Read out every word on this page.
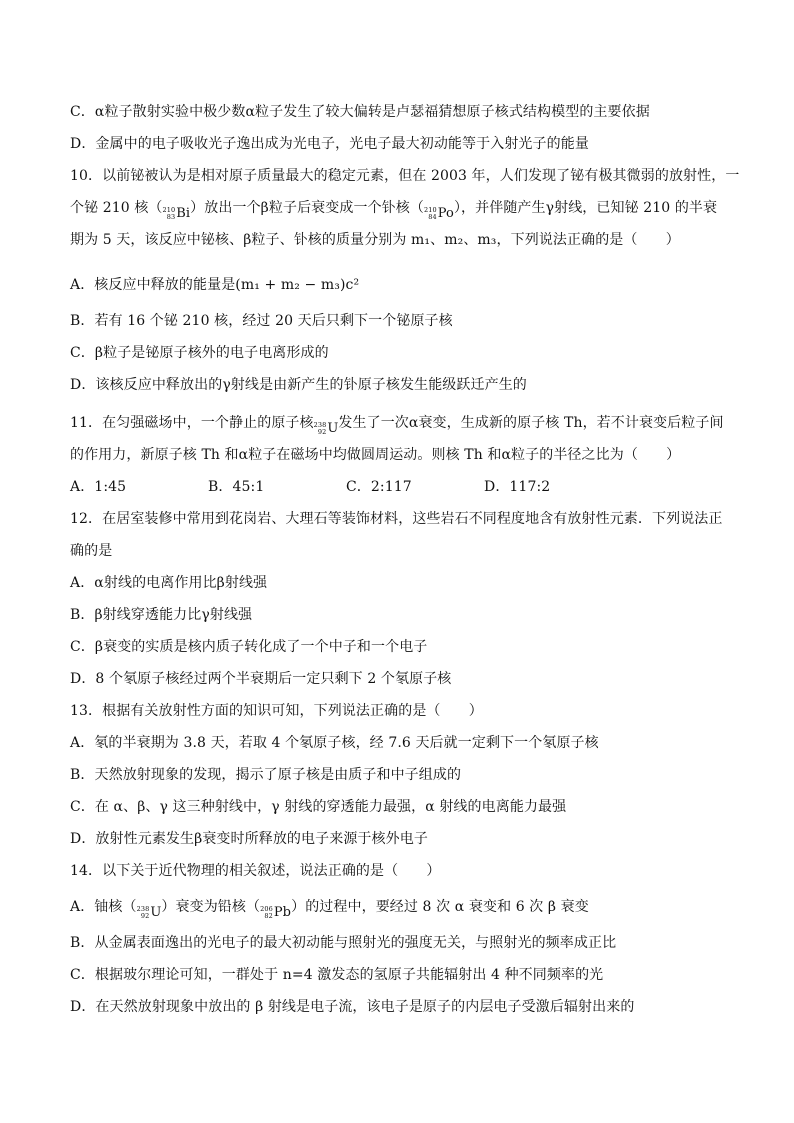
C．α粒子散射实验中极少数α粒子发生了较大偏转是卢瑟福猜想原子核式结构模型的主要依据
D．金属中的电子吸收光子逸出成为光电子，光电子最大初动能等于入射光子的能量
10．以前铋被认为是相对原子质量最大的稳定元素，但在 2003 年，人们发现了铋有极其微弱的放射性，一
个铋 210 核（ 210
83 Bi ）放出一个β粒子后衰变成一个钋核（ 210
84 Po ），并伴随产生γ射线，已知铋 210 的半衰
期为 5 天，该反应中铋核、β粒子、钋核的质量分别为 m₁、m₂、m₃，下列说法正确的是（　　）
A．核反应中释放的能量是(m₁ + m₂ − m₃)c²
B．若有 16 个铋 210 核，经过 20 天后只剩下一个铋原子核
C．β粒子是铋原子核外的电子电离形成的
D．该核反应中释放出的γ射线是由新产生的钋原子核发生能级跃迁产生的
11．在匀强磁场中，一个静止的原子核 238
92 U 发生了一次α衰变，生成新的原子核 Th，若不计衰变后粒子间
的作用力，新原子核 Th 和α粒子在磁场中均做圆周运动。则核 Th 和α粒子的半径之比为（　　）
A．1:45	B．45:1	C．2:117	D．117:2
12．在居室装修中常用到花岗岩、大理石等装饰材料，这些岩石不同程度地含有放射性元素．下列说法正
确的是
A．α射线的电离作用比β射线强
B．β射线穿透能力比γ射线强
C．β衰变的实质是核内质子转化成了一个中子和一个电子
D．8 个氡原子核经过两个半衰期后一定只剩下 2 个氡原子核
13．根据有关放射性方面的知识可知，下列说法正确的是（　　）
A．氡的半衰期为 3.8 天，若取 4 个氡原子核，经 7.6 天后就一定剩下一个氡原子核
B．天然放射现象的发现，揭示了原子核是由质子和中子组成的
C．在 α、β、γ 这三种射线中，γ 射线的穿透能力最强，α 射线的电离能力最强
D．放射性元素发生β衰变时所释放的电子来源于核外电子
14．以下关于近代物理的相关叙述，说法正确的是（　　）
A．铀核（ 238
92 U ）衰变为铅核（ 206
82 Pb ）的过程中，要经过 8 次 α 衰变和 6 次 β 衰变
B．从金属表面逸出的光电子的最大初动能与照射光的强度无关，与照射光的频率成正比
C．根据玻尔理论可知，一群处于 n=4 激发态的氢原子共能辐射出 4 种不同频率的光
D．在天然放射现象中放出的 β 射线是电子流，该电子是原子的内层电子受激后辐射出来的
